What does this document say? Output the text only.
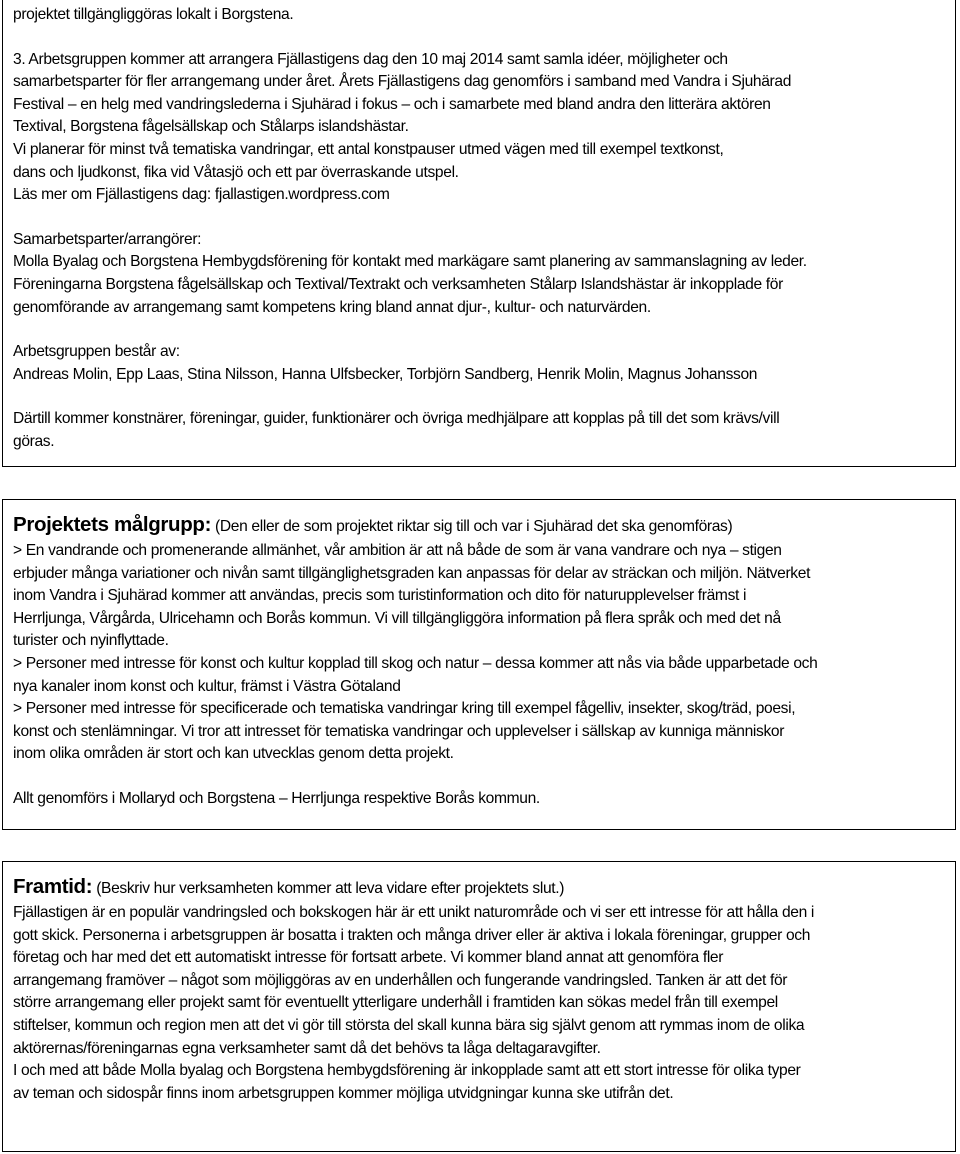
projektet tillgängliggöras lokalt i Borgstena.

3. Arbetsgruppen kommer att arrangera Fjällastigens dag den 10 maj 2014 samt samla idéer, möjligheter och

samarbetsparter för fler arrangemang under året. Årets Fjällastigens dag genomförs i samband med Vandra i Sjuhärad

Festival – en helg med vandringslederna i Sjuhärad i fokus – och i samarbete med bland andra den litterära aktören

Textival, Borgstena fågelsällskap och Stålarps islandshästar.

Vi planerar för minst två tematiska vandringar, ett antal konstpauser utmed vägen med till exempel textkonst,

dans och ljudkonst, fika vid Våtasjö och ett par överraskande utspel.

Läs mer om Fjällastigens dag: fjallastigen.wordpress.com

Samarbetsparter/arrangörer:

Molla Byalag och Borgstena Hembygdsförening för kontakt med markägare samt planering av sammanslagning av leder.

Föreningarna Borgstena fågelsällskap och Textival/Textrakt och verksamheten Stålarp Islandshästar är inkopplade för

genomförande av arrangemang samt kompetens kring bland annat djur-, kultur- och naturvärden.

Arbetsgruppen består av:

Andreas Molin, Epp Laas, Stina Nilsson, Hanna Ulfsbecker, Torbjörn Sandberg, Henrik Molin, Magnus Johansson

Därtill kommer konstnärer, föreningar, guider, funktionärer och övriga medhjälpare att kopplas på till det som krävs/vill

göras.

Projektets målgrupp: (Den eller de som projektet riktar sig till och var i Sjuhärad det ska genomföras)

> En vandrande och promenerande allmänhet, vår ambition är att nå både de som är vana vandrare och nya – stigen

erbjuder många variationer och nivån samt tillgänglighetsgraden kan anpassas för delar av sträckan och miljön. Nätverket

inom Vandra i Sjuhärad kommer att användas, precis som turistinformation och dito för naturupplevelser främst i

Herrljunga, Vårgårda, Ulricehamn och Borås kommun. Vi vill tillgängliggöra information på flera språk och med det nå

turister och nyinflyttade.

> Personer med intresse för konst och kultur kopplad till skog och natur – dessa kommer att nås via både upparbetade och

nya kanaler inom konst och kultur, främst i Västra Götaland

> Personer med intresse för specificerade och tematiska vandringar kring till exempel fågelliv, insekter, skog/träd, poesi,

konst och stenlämningar. Vi tror att intresset för tematiska vandringar och upplevelser i sällskap av kunniga människor

inom olika områden är stort och kan utvecklas genom detta projekt.

Allt genomförs i Mollaryd och Borgstena – Herrljunga respektive Borås kommun.

Framtid: (Beskriv hur verksamheten kommer att leva vidare efter projektets slut.)

Fjällastigen är en populär vandringsled och bokskogen här är ett unikt naturområde och vi ser ett intresse för att hålla den i

gott skick. Personerna i arbetsgruppen är bosatta i trakten och många driver eller är aktiva i lokala föreningar, grupper och

företag och har med det ett automatiskt intresse för fortsatt arbete. Vi kommer bland annat att genomföra fler

arrangemang framöver – något som möjliggöras av en underhållen och fungerande vandringsled. Tanken är att det för

större arrangemang eller projekt samt för eventuellt ytterligare underhåll i framtiden kan sökas medel från till exempel

stiftelser, kommun och region men att det vi gör till största del skall kunna bära sig självt genom att rymmas inom de olika

aktörernas/föreningarnas egna verksamheter samt då det behövs ta låga deltagaravgifter.

I och med att både Molla byalag och Borgstena hembygdsförening är inkopplade samt att ett stort intresse för olika typer

av teman och sidospår finns inom arbetsgruppen kommer möjliga utvidgningar kunna ske utifrån det.
